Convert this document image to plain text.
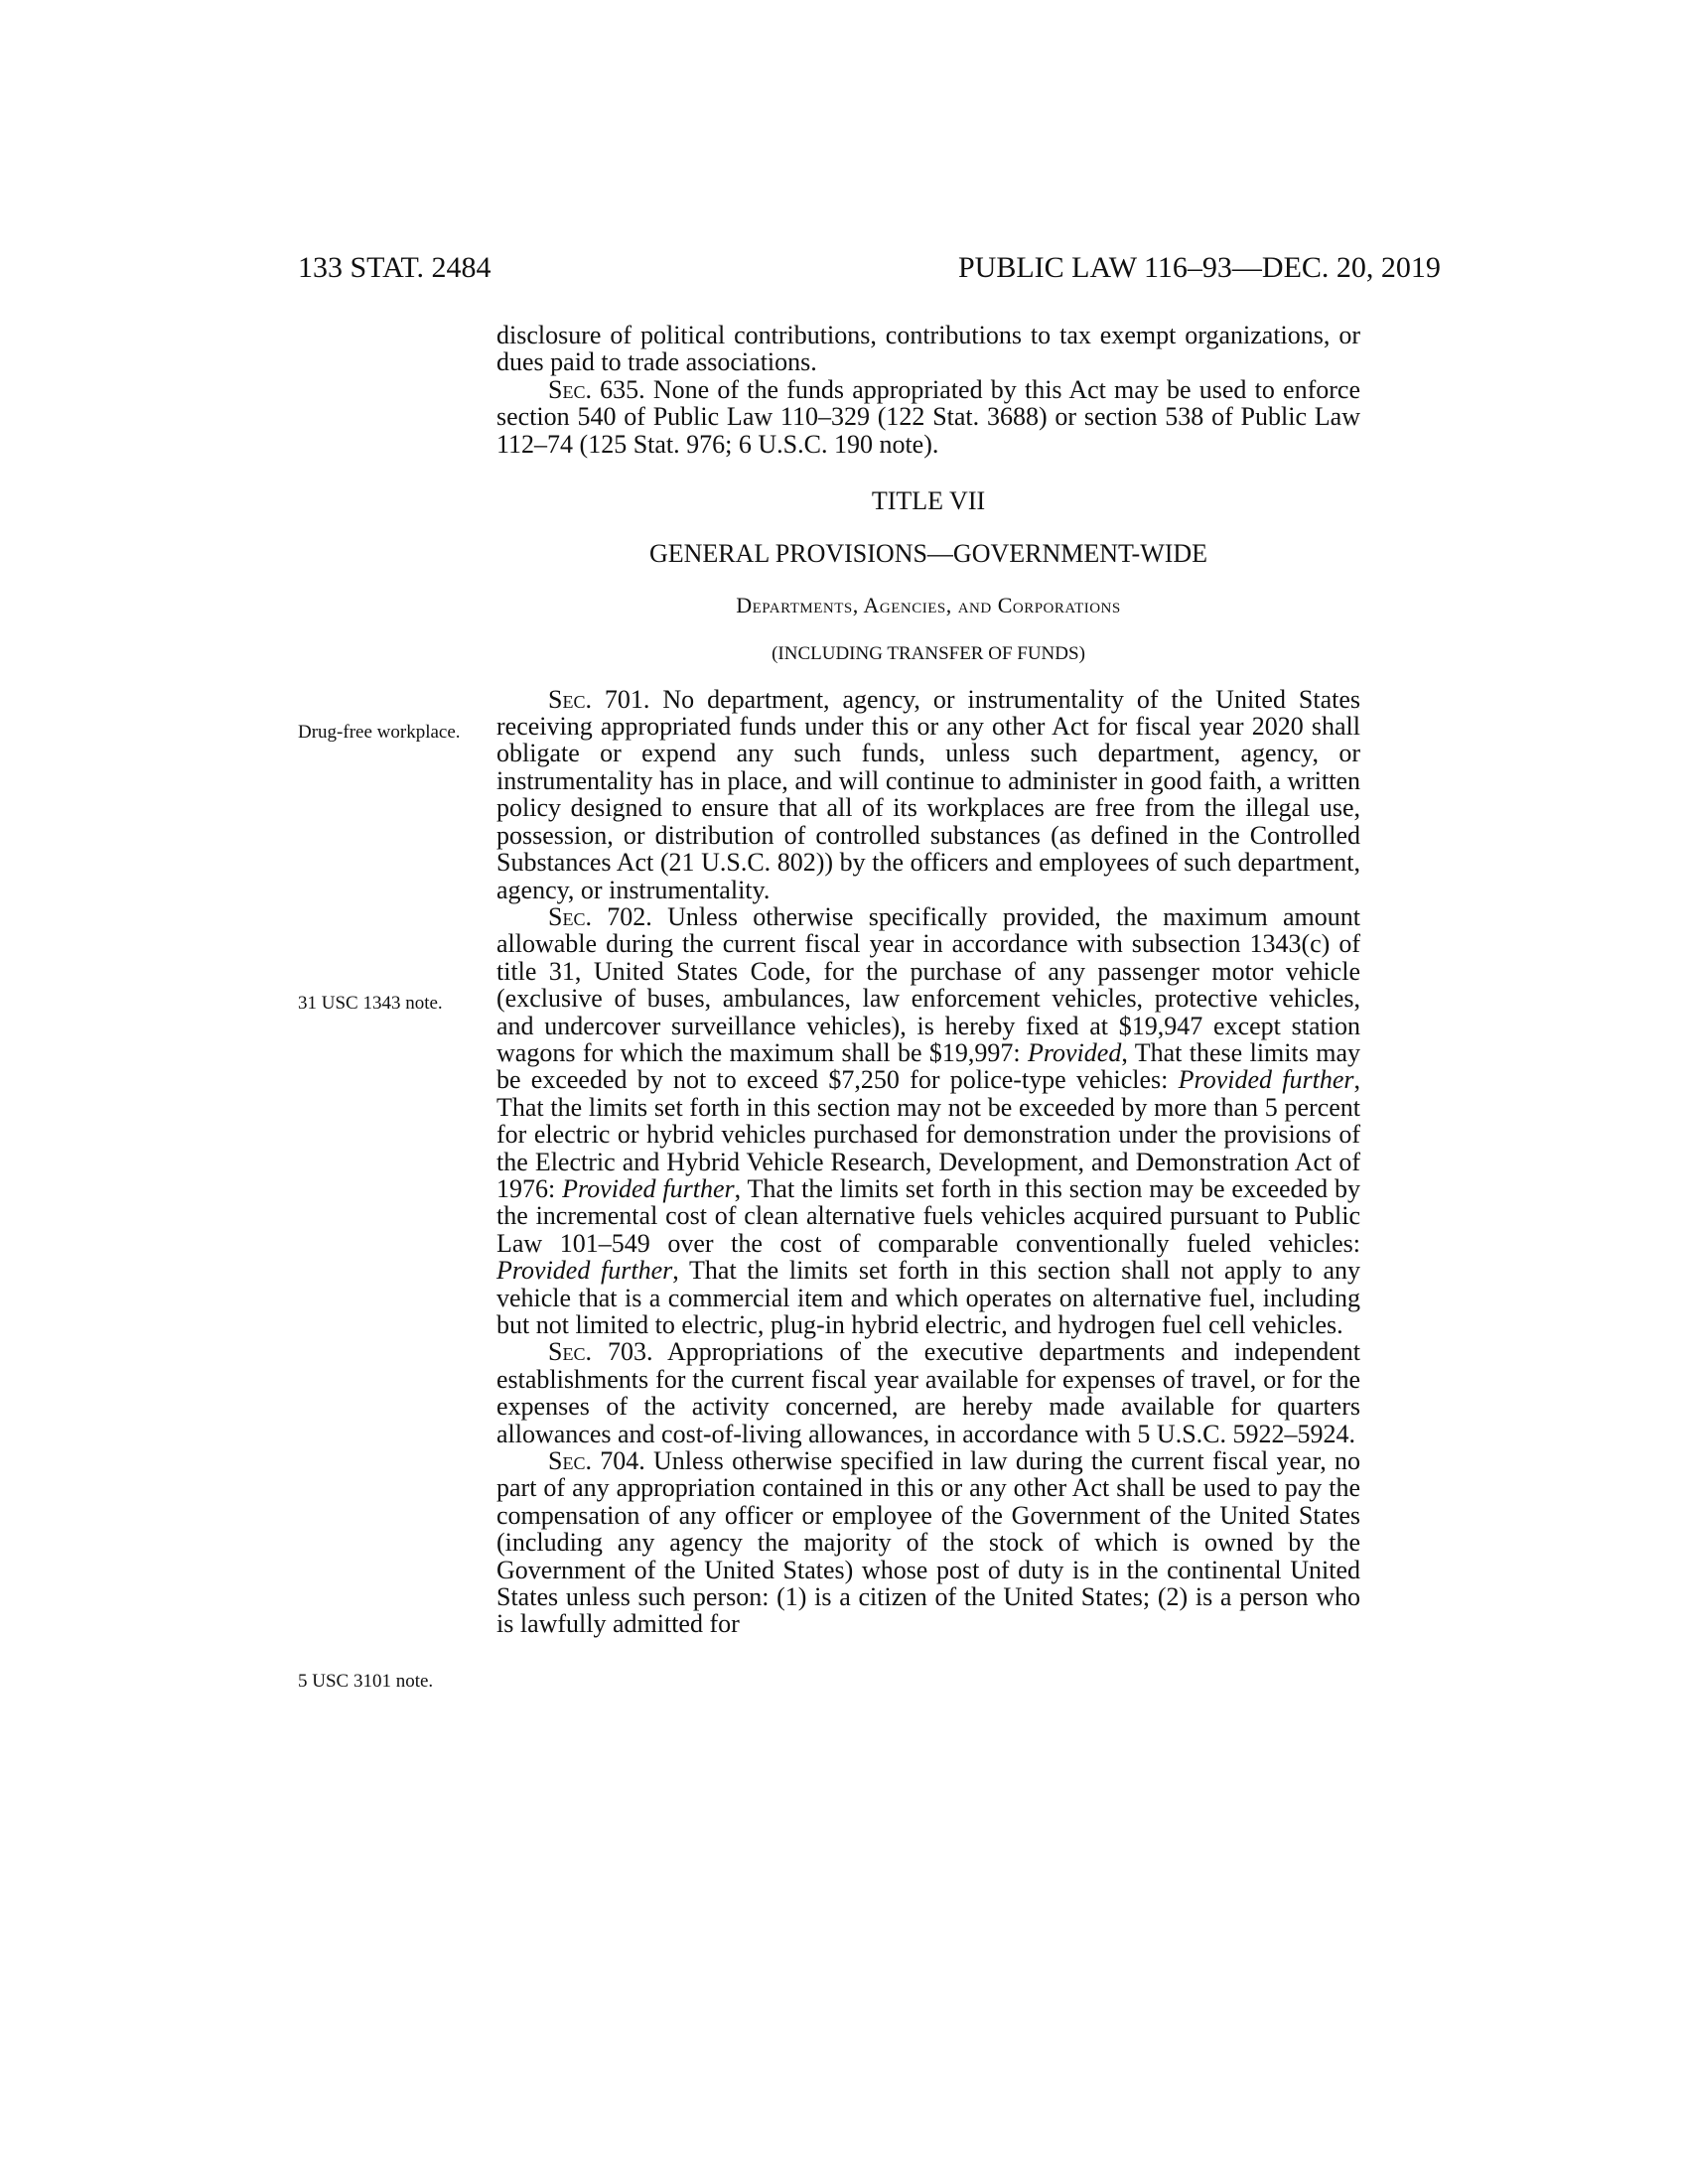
133 STAT. 2484	PUBLIC LAW 116–93—DEC. 20, 2019
Drug-free workplace.
31 USC 1343 note.
5 USC 3101 note.

disclosure of political contributions, contributions to tax exempt organizations, or dues paid to trade associations.

Sec. 635. None of the funds appropriated by this Act may be used to enforce section 540 of Public Law 110–329 (122 Stat. 3688) or section 538 of Public Law 112–74 (125 Stat. 976; 6 U.S.C. 190 note).

TITLE VII

GENERAL PROVISIONS—GOVERNMENT-WIDE

Departments, Agencies, and Corporations

(INCLUDING TRANSFER OF FUNDS)

Sec. 701. No department, agency, or instrumentality of the United States receiving appropriated funds under this or any other Act for fiscal year 2020 shall obligate or expend any such funds, unless such department, agency, or instrumentality has in place, and will continue to administer in good faith, a written policy designed to ensure that all of its workplaces are free from the illegal use, possession, or distribution of controlled substances (as defined in the Controlled Substances Act (21 U.S.C. 802)) by the officers and employees of such department, agency, or instrumentality.

Sec. 702. Unless otherwise specifically provided, the maximum amount allowable during the current fiscal year in accordance with subsection 1343(c) of title 31, United States Code, for the purchase of any passenger motor vehicle (exclusive of buses, ambulances, law enforcement vehicles, protective vehicles, and undercover surveillance vehicles), is hereby fixed at $19,947 except station wagons for which the maximum shall be $19,997: Provided, That these limits may be exceeded by not to exceed $7,250 for police-type vehicles: Provided further, That the limits set forth in this section may not be exceeded by more than 5 percent for electric or hybrid vehicles purchased for demonstration under the provisions of the Electric and Hybrid Vehicle Research, Development, and Demonstration Act of 1976: Provided further, That the limits set forth in this section may be exceeded by the incremental cost of clean alternative fuels vehicles acquired pursuant to Public Law 101–549 over the cost of comparable conventionally fueled vehicles: Provided further, That the limits set forth in this section shall not apply to any vehicle that is a commercial item and which operates on alternative fuel, including but not limited to electric, plug-in hybrid electric, and hydrogen fuel cell vehicles.

Sec. 703. Appropriations of the executive departments and independent establishments for the current fiscal year available for expenses of travel, or for the expenses of the activity concerned, are hereby made available for quarters allowances and cost-of-living allowances, in accordance with 5 U.S.C. 5922–5924.

Sec. 704. Unless otherwise specified in law during the current fiscal year, no part of any appropriation contained in this or any other Act shall be used to pay the compensation of any officer or employee of the Government of the United States (including any agency the majority of the stock of which is owned by the Government of the United States) whose post of duty is in the continental United States unless such person: (1) is a citizen of the United States; (2) is a person who is lawfully admitted for
